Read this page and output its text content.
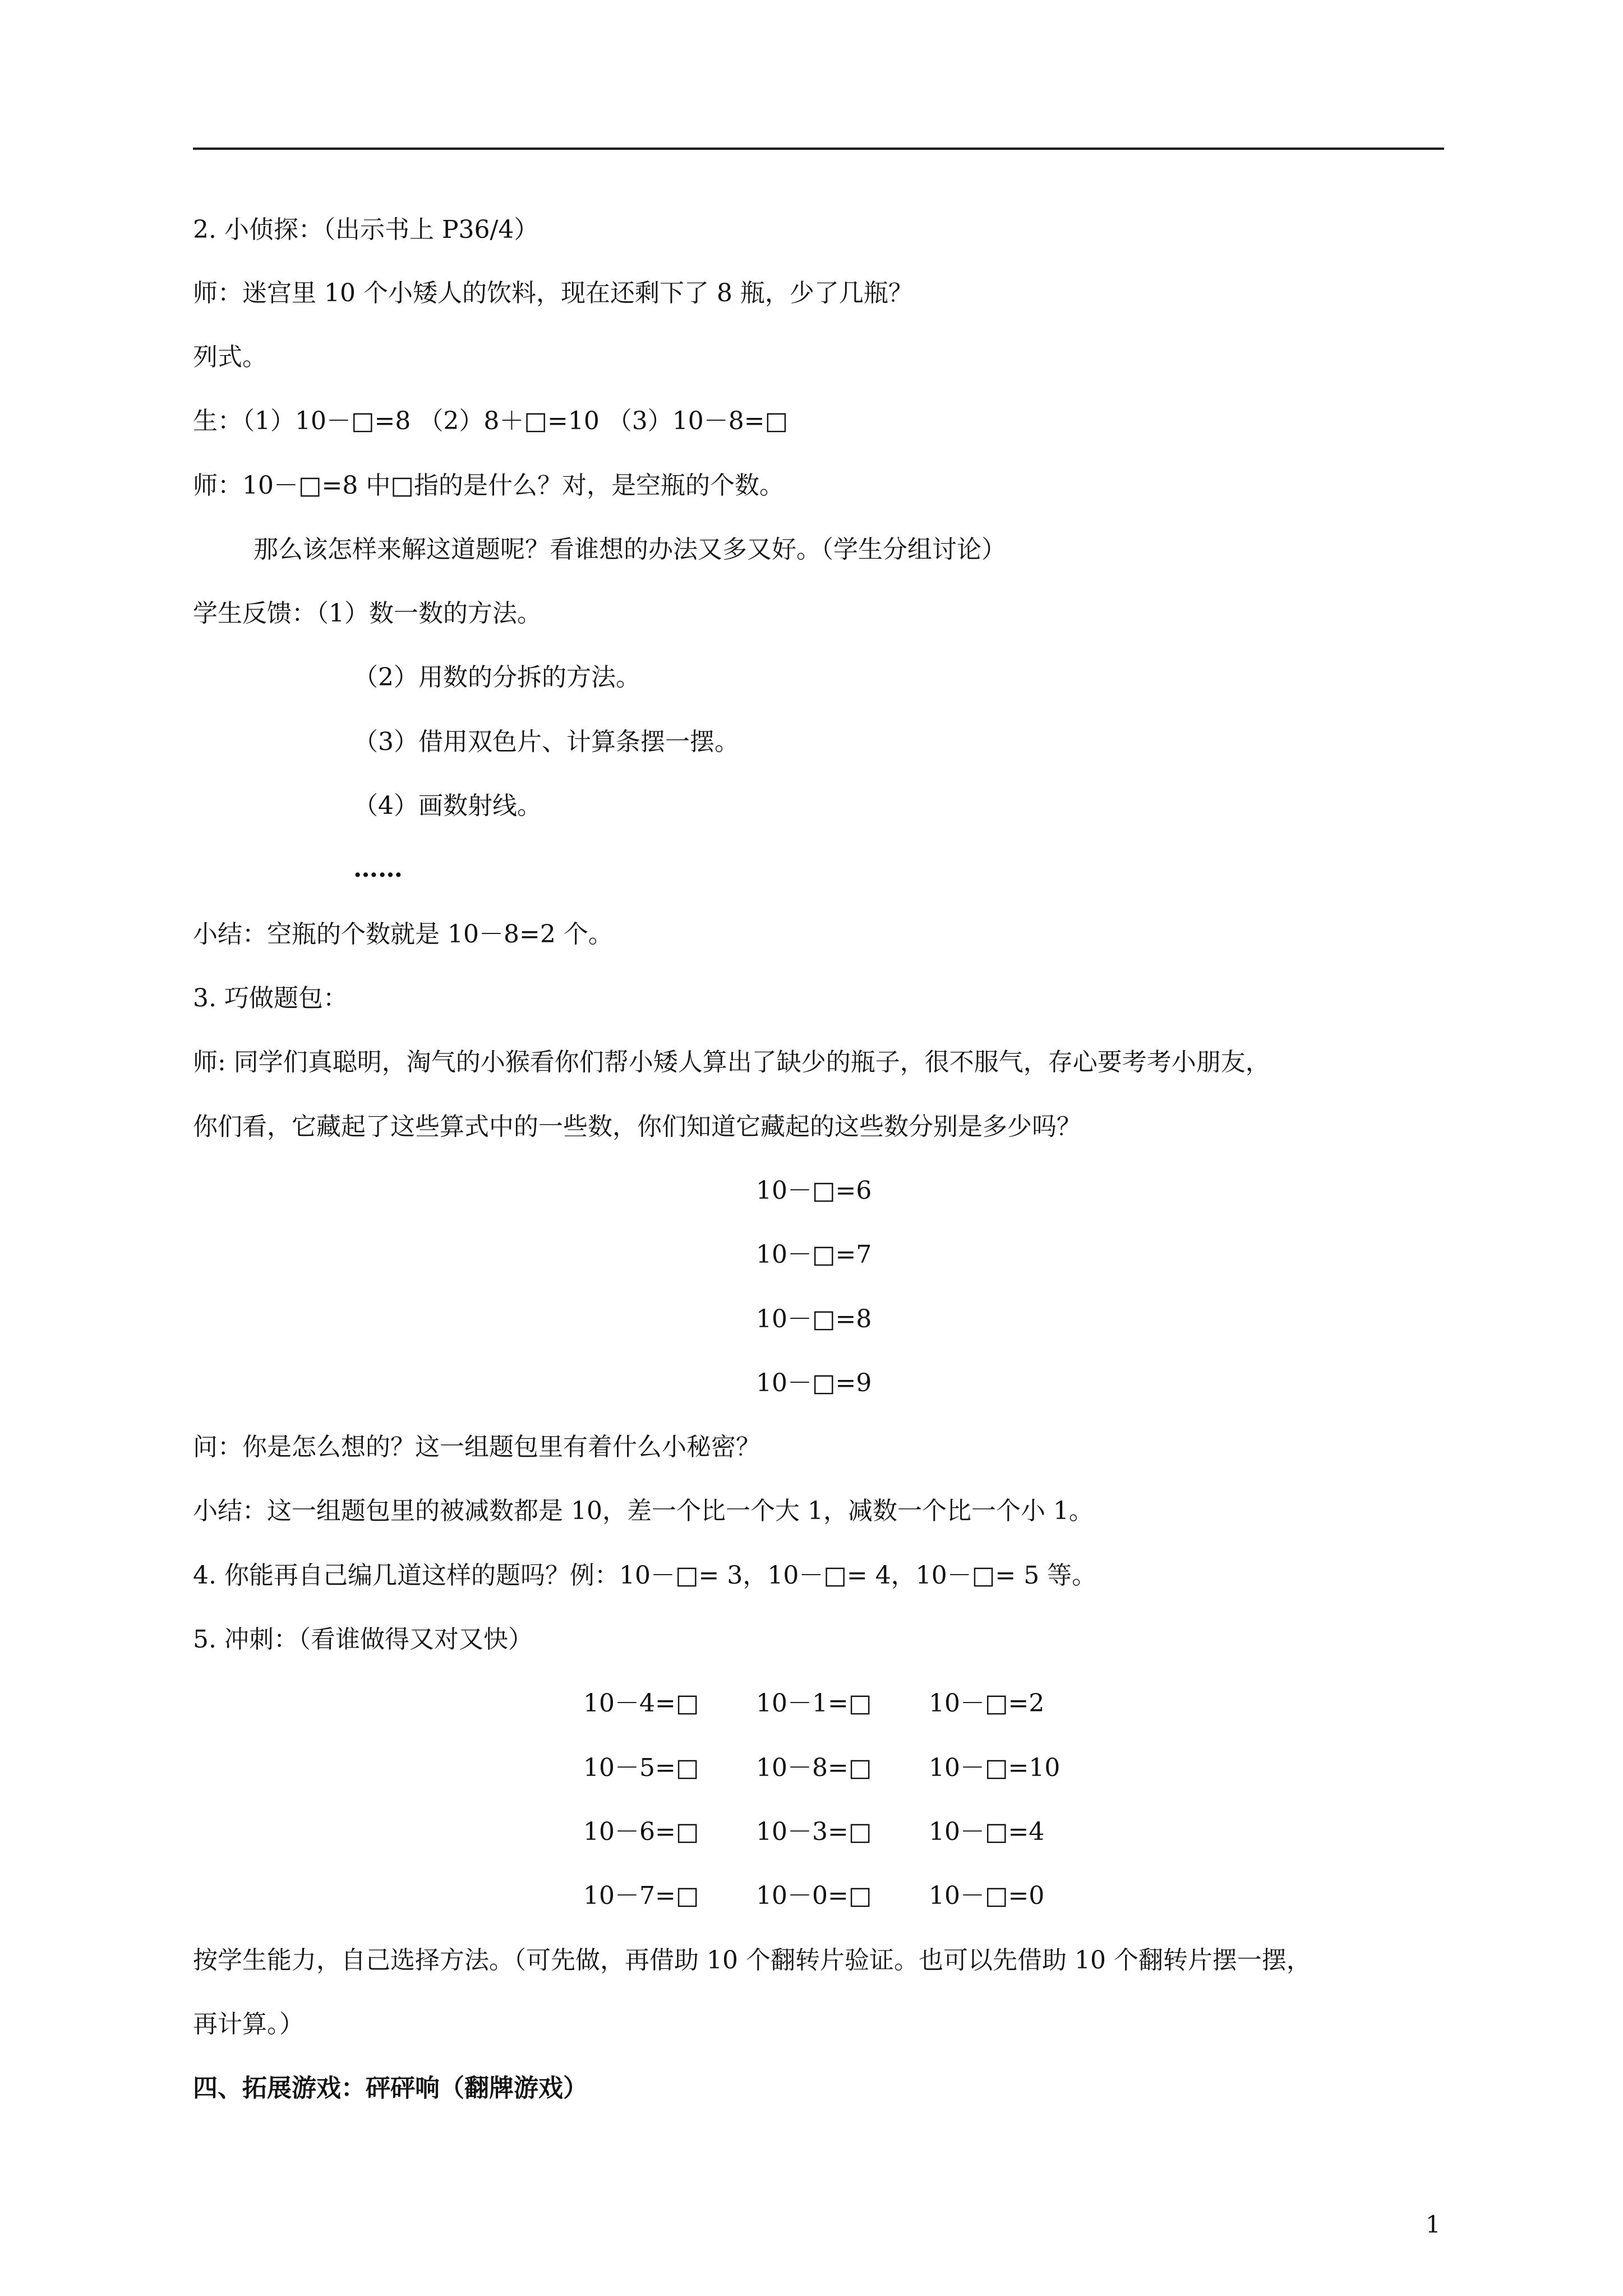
2. 小侦探：（出示书上 P36/4）
师：迷宫里 10 个小矮人的饮料，现在还剩下了 8 瓶，少了几瓶？
列式。
生：（1）10－□=8 （2）8＋□=10 （3）10－8=□
师：10－□=8 中□指的是什么？对，是空瓶的个数。
那么该怎样来解这道题呢？看谁想的办法又多又好。（学生分组讨论）
学生反馈：（1）数一数的方法。
（2）用数的分拆的方法。
（3）借用双色片、计算条摆一摆。
（4）画数射线。
……
小结：空瓶的个数就是 10－8=2 个。
3. 巧做题包：
师: 同学们真聪明，淘气的小猴看你们帮小矮人算出了缺少的瓶子，很不服气，存心要考考小朋友，
你们看，它藏起了这些算式中的一些数，你们知道它藏起的这些数分别是多少吗？
10－□=6
10－□=7
10－□=8
10－□=9
问：你是怎么想的？这一组题包里有着什么小秘密？
小结：这一组题包里的被减数都是 10，差一个比一个大 1，减数一个比一个小 1。
4. 你能再自己编几道这样的题吗？例：10－□= 3，10－□= 4，10－□= 5 等。
5. 冲刺：（看谁做得又对又快）
10－4=□ 10－1=□ 10－□=2
10－5=□ 10－8=□ 10－□=10
10－6=□ 10－3=□ 10－□=4
10－7=□ 10－0=□ 10－□=0
按学生能力，自己选择方法。（可先做，再借助 10 个翻转片验证。也可以先借助 10 个翻转片摆一摆，
再计算。）
四、拓展游戏：砰砰响（翻牌游戏）
1
